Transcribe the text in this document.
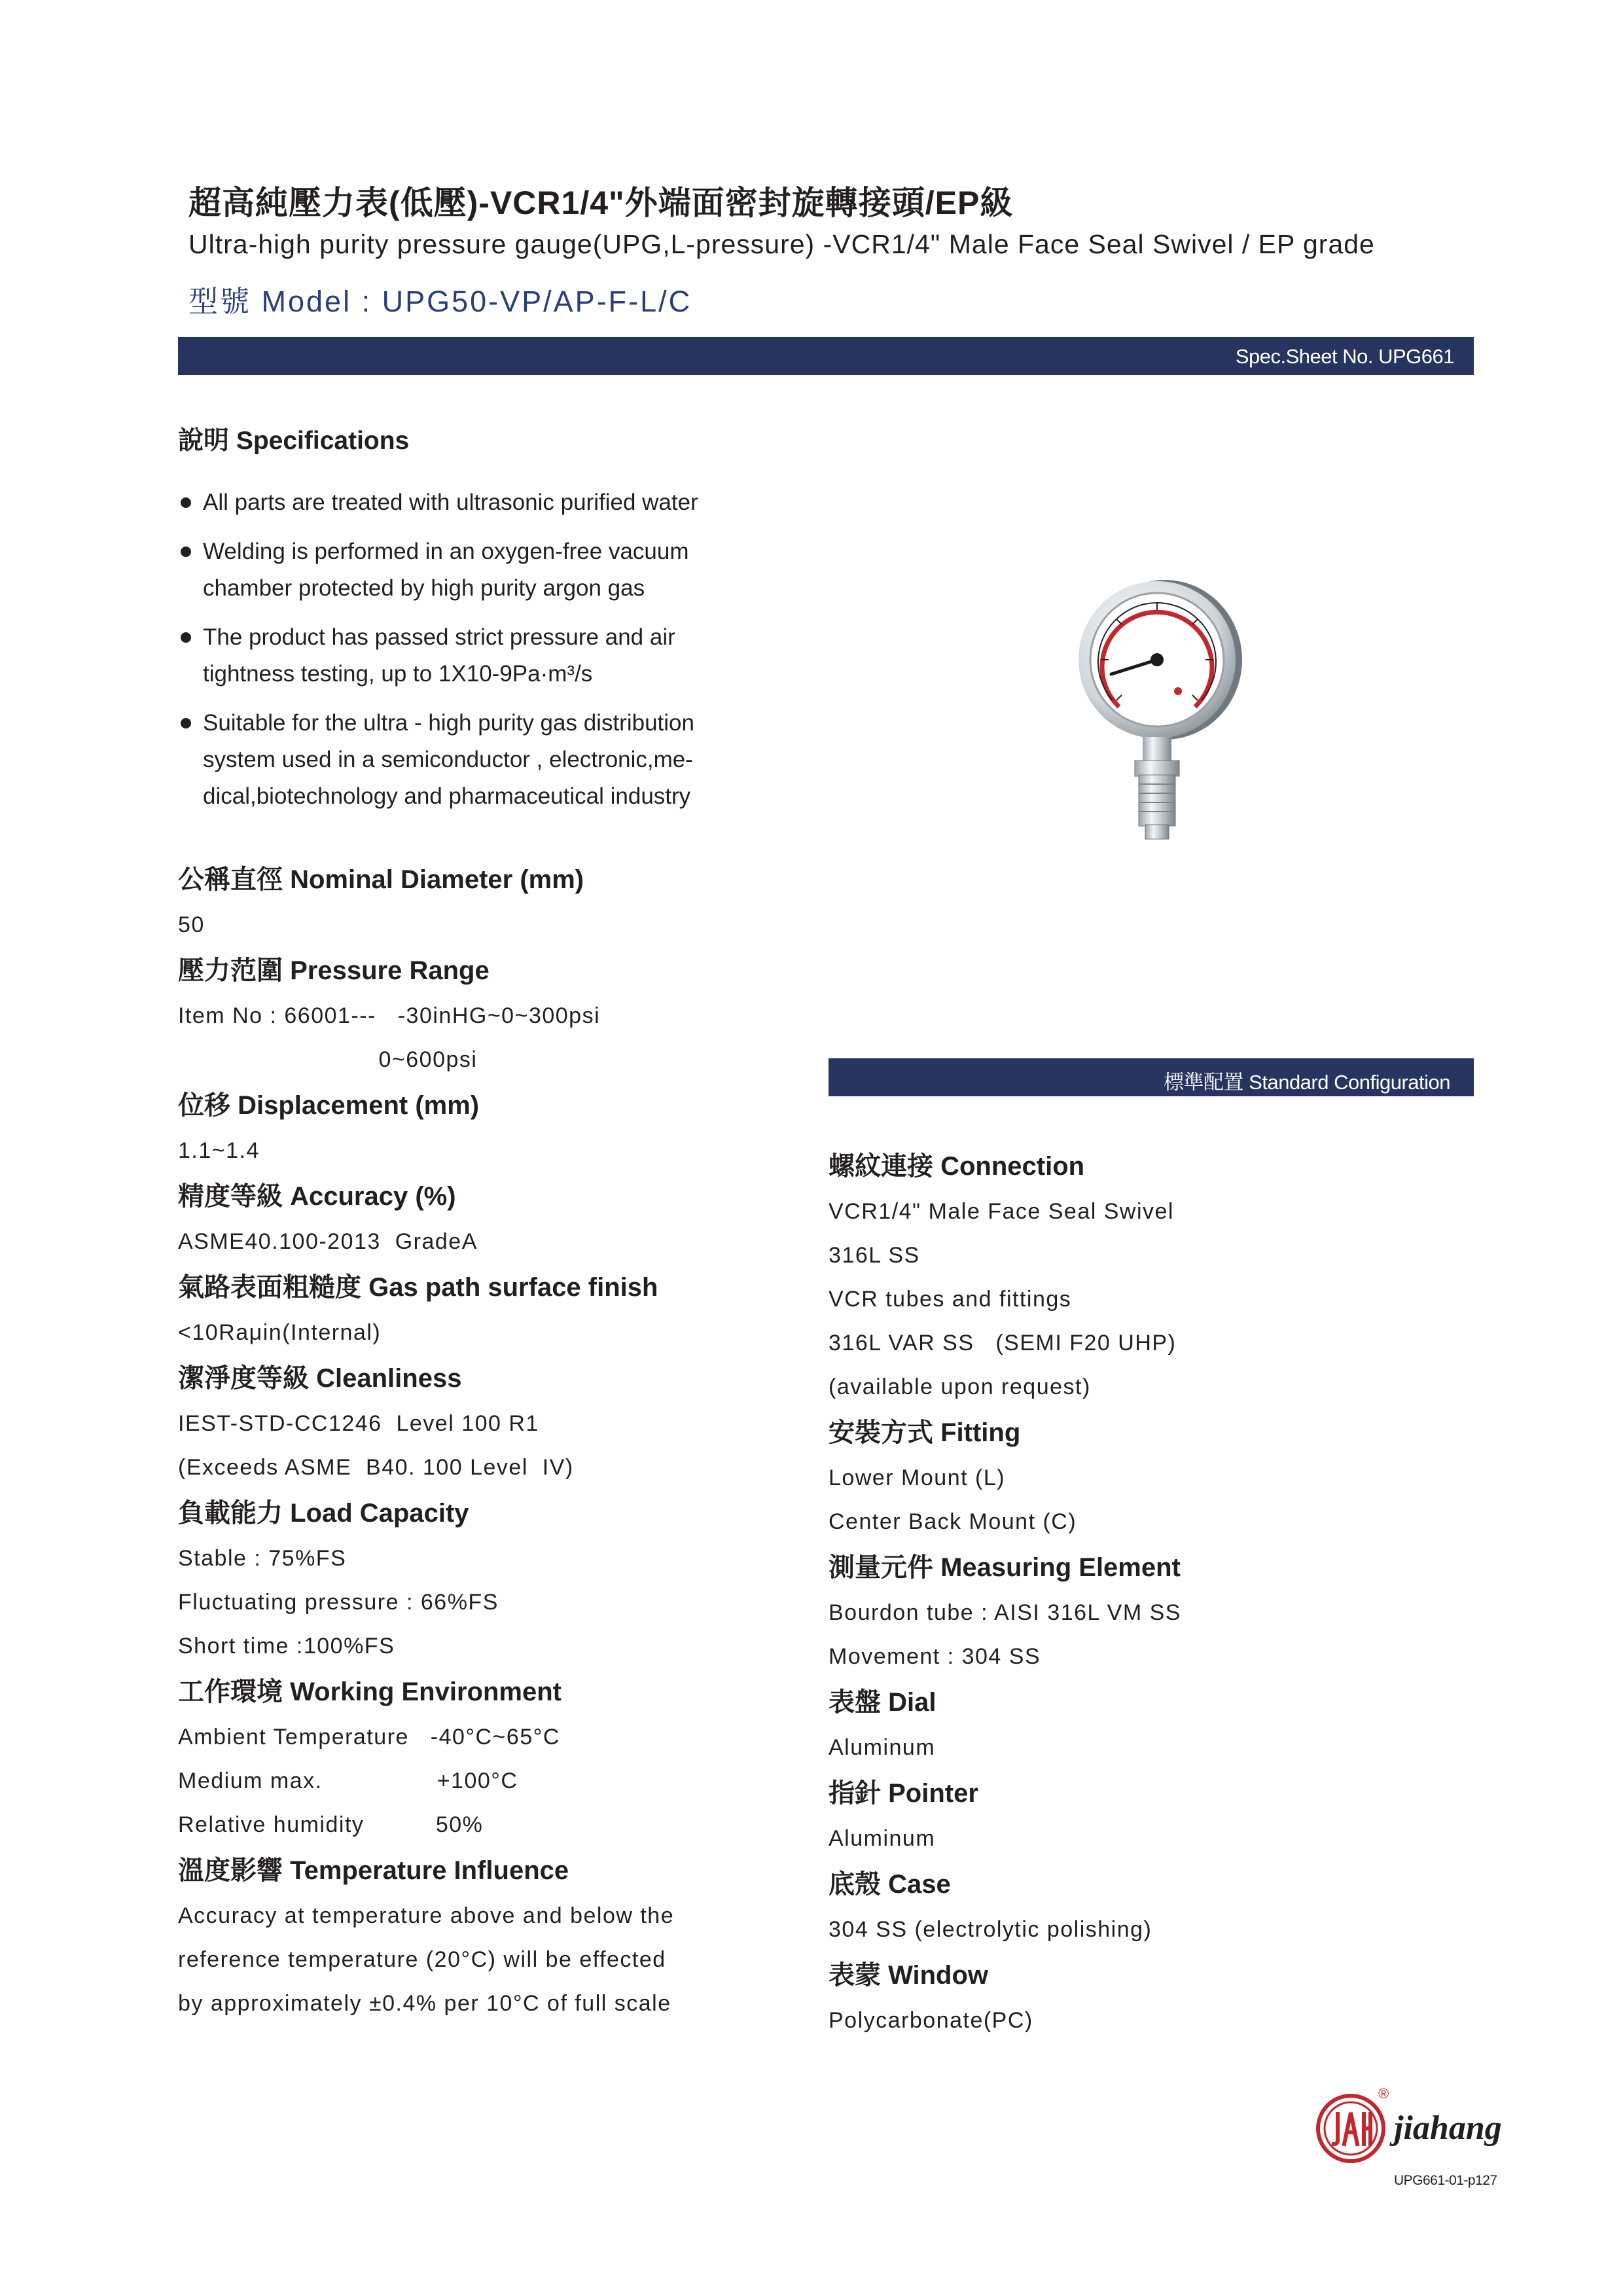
超高純壓力表(低壓)-VCR1/4"外端面密封旋轉接頭/EP級
Ultra-high purity pressure gauge(UPG,L-pressure) -VCR1/4" Male Face Seal Swivel / EP grade
型號 Model : UPG50-VP/AP-F-L/C
Spec.Sheet No. UPG661
說明 Specifications
All parts are treated with ultrasonic purified water
Welding is performed in an oxygen-free vacuum chamber protected by high purity argon gas
The product has passed strict pressure and air tightness testing, up to 1X10-9Pa·m³/s
Suitable for the ultra - high purity gas distribution system used in a semiconductor , electronic,me-dical,biotechnology and pharmaceutical industry
標準配置 Standard Configuration
公稱直徑 Nominal Diameter (mm)
50
壓力范圍 Pressure Range
Item No : 66001---   -30inHG~0~300psi
0~600psi
位移 Displacement (mm)
1.1~1.4
精度等級 Accuracy (%)
ASME40.100-2013  GradeA
氣路表面粗糙度 Gas path surface finish
<10Raμin(Internal)
潔淨度等級 Cleanliness
IEST-STD-CC1246  Level 100 R1
(Exceeds ASME  B40. 100 Level  IV)
負載能力 Load Capacity
Stable : 75%FS
Fluctuating pressure : 66%FS
Short time :100%FS
工作環境 Working Environment
Ambient Temperature   -40°C~65°C
Medium max.                +100°C
Relative humidity          50%
溫度影響 Temperature Influence
Accuracy at temperature above and below the
reference temperature (20°C) will be effected
by approximately ±0.4% per 10°C of full scale
螺紋連接 Connection
VCR1/4" Male Face Seal Swivel
316L SS
VCR tubes and fittings
316L VAR SS   (SEMI F20 UHP)
(available upon request)
安裝方式 Fitting
Lower Mount (L)
Center Back Mount (C)
測量元件 Measuring Element
Bourdon tube : AISI 316L VM SS
Movement : 304 SS
表盤 Dial
Aluminum
指針 Pointer
Aluminum
底殼 Case
304 SS (electrolytic polishing)
表蒙 Window
Polycarbonate(PC)
®
jiahang
UPG661-01-p127
